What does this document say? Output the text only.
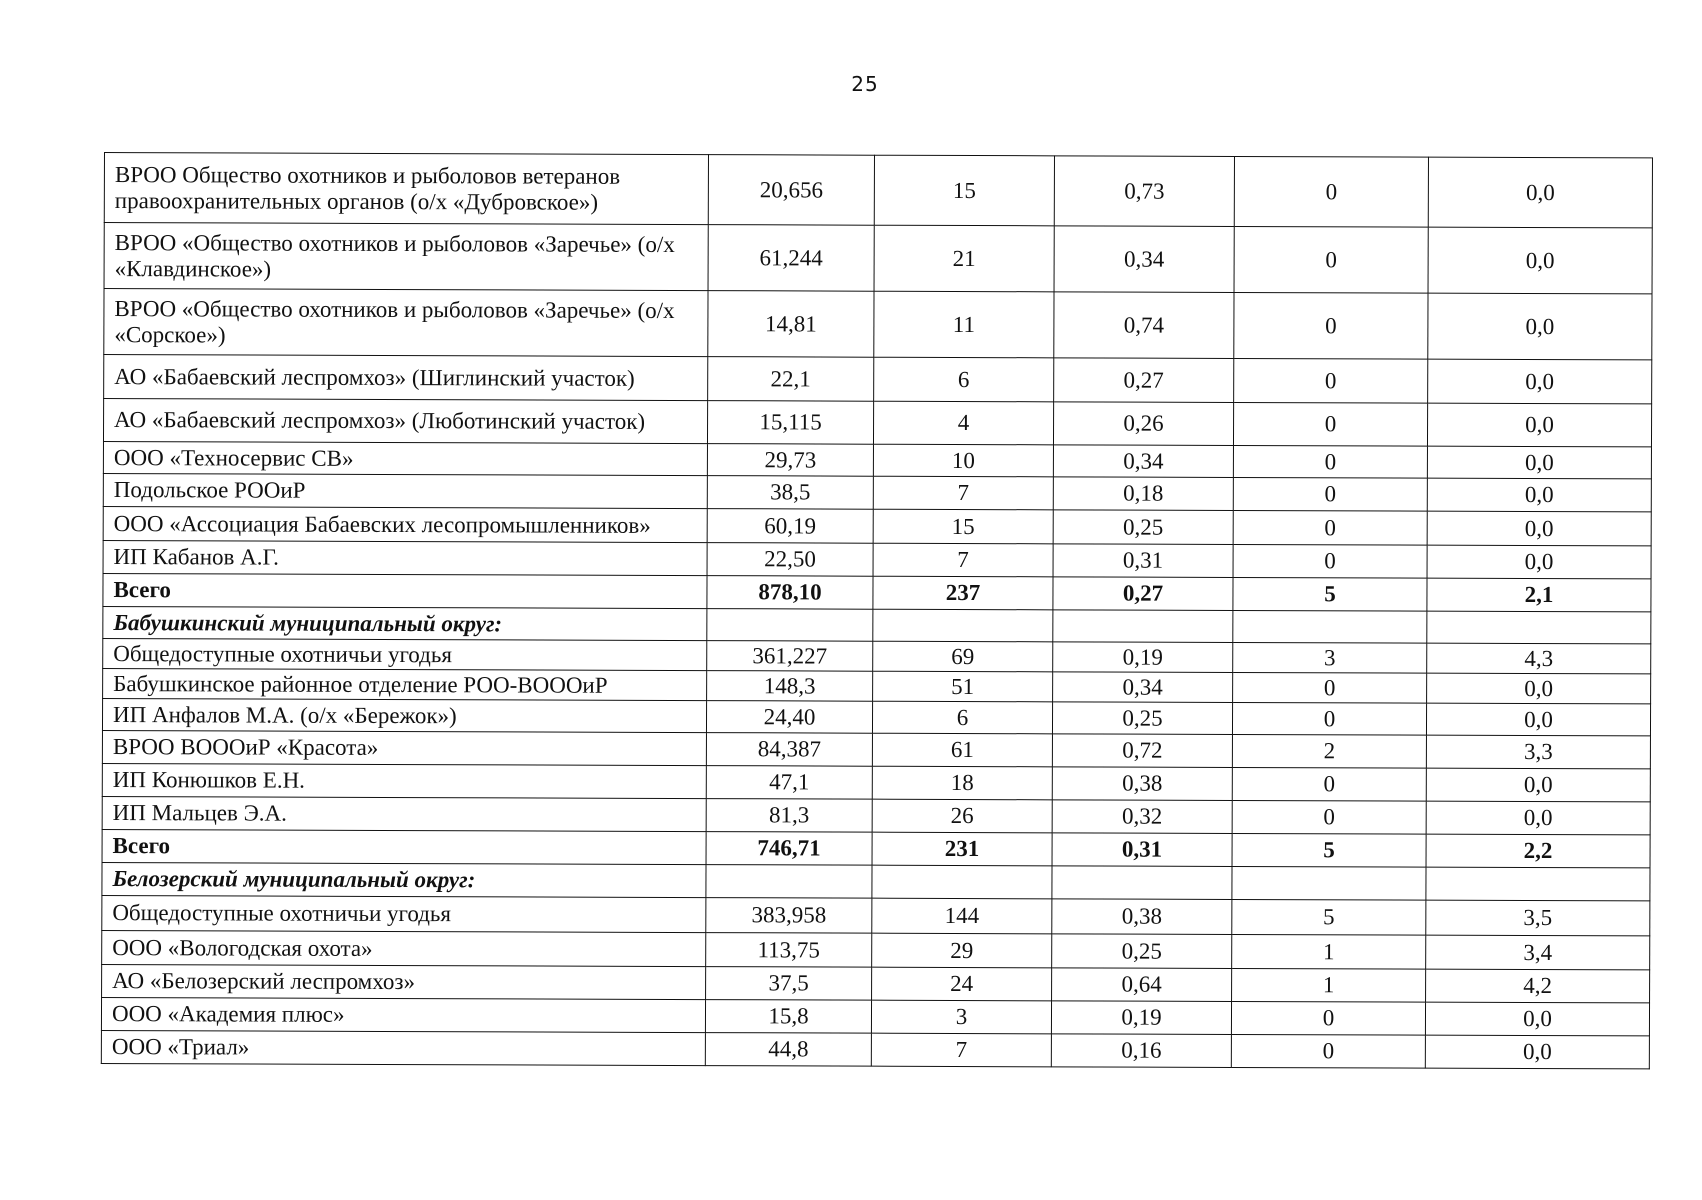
25
ВРОО Общество охотников и рыболовов ветеранов правоохранительных органов (о/х «Дубровское»)	20,656	15	0,73	0	0,0
ВРОО «Общество охотников и рыболовов «Заречье» (о/х «Клавдинское»)	61,244	21	0,34	0	0,0
ВРОО «Общество охотников и рыболовов «Заречье» (о/х «Сорское»)	14,81	11	0,74	0	0,0
АО «Бабаевский леспромхоз» (Шиглинский участок)	22,1	6	0,27	0	0,0
АО «Бабаевский леспромхоз» (Люботинский участок)	15,115	4	0,26	0	0,0
ООО «Техносервис СВ»	29,73	10	0,34	0	0,0
Подольское РООиР	38,5	7	0,18	0	0,0
ООО «Ассоциация Бабаевских лесопромышленников»	60,19	15	0,25	0	0,0
ИП Кабанов А.Г.	22,50	7	0,31	0	0,0
Всего	878,10	237	0,27	5	2,1
Бабушкинский муниципальный округ:					
Общедоступные охотничьи угодья	361,227	69	0,19	3	4,3
Бабушкинское районное отделение РОО-ВОООиР	148,3	51	0,34	0	0,0
ИП Анфалов М.А. (о/х «Бережок»)	24,40	6	0,25	0	0,0
ВРОО ВОООиР «Красота»	84,387	61	0,72	2	3,3
ИП Конюшков Е.Н.	47,1	18	0,38	0	0,0
ИП Мальцев Э.А.	81,3	26	0,32	0	0,0
Всего	746,71	231	0,31	5	2,2
Белозерский муниципальный округ:					
Общедоступные охотничьи угодья	383,958	144	0,38	5	3,5
ООО «Вологодская охота»	113,75	29	0,25	1	3,4
АО «Белозерский леспромхоз»	37,5	24	0,64	1	4,2
ООО «Академия плюс»	15,8	3	0,19	0	0,0
ООО «Триал»	44,8	7	0,16	0	0,0
